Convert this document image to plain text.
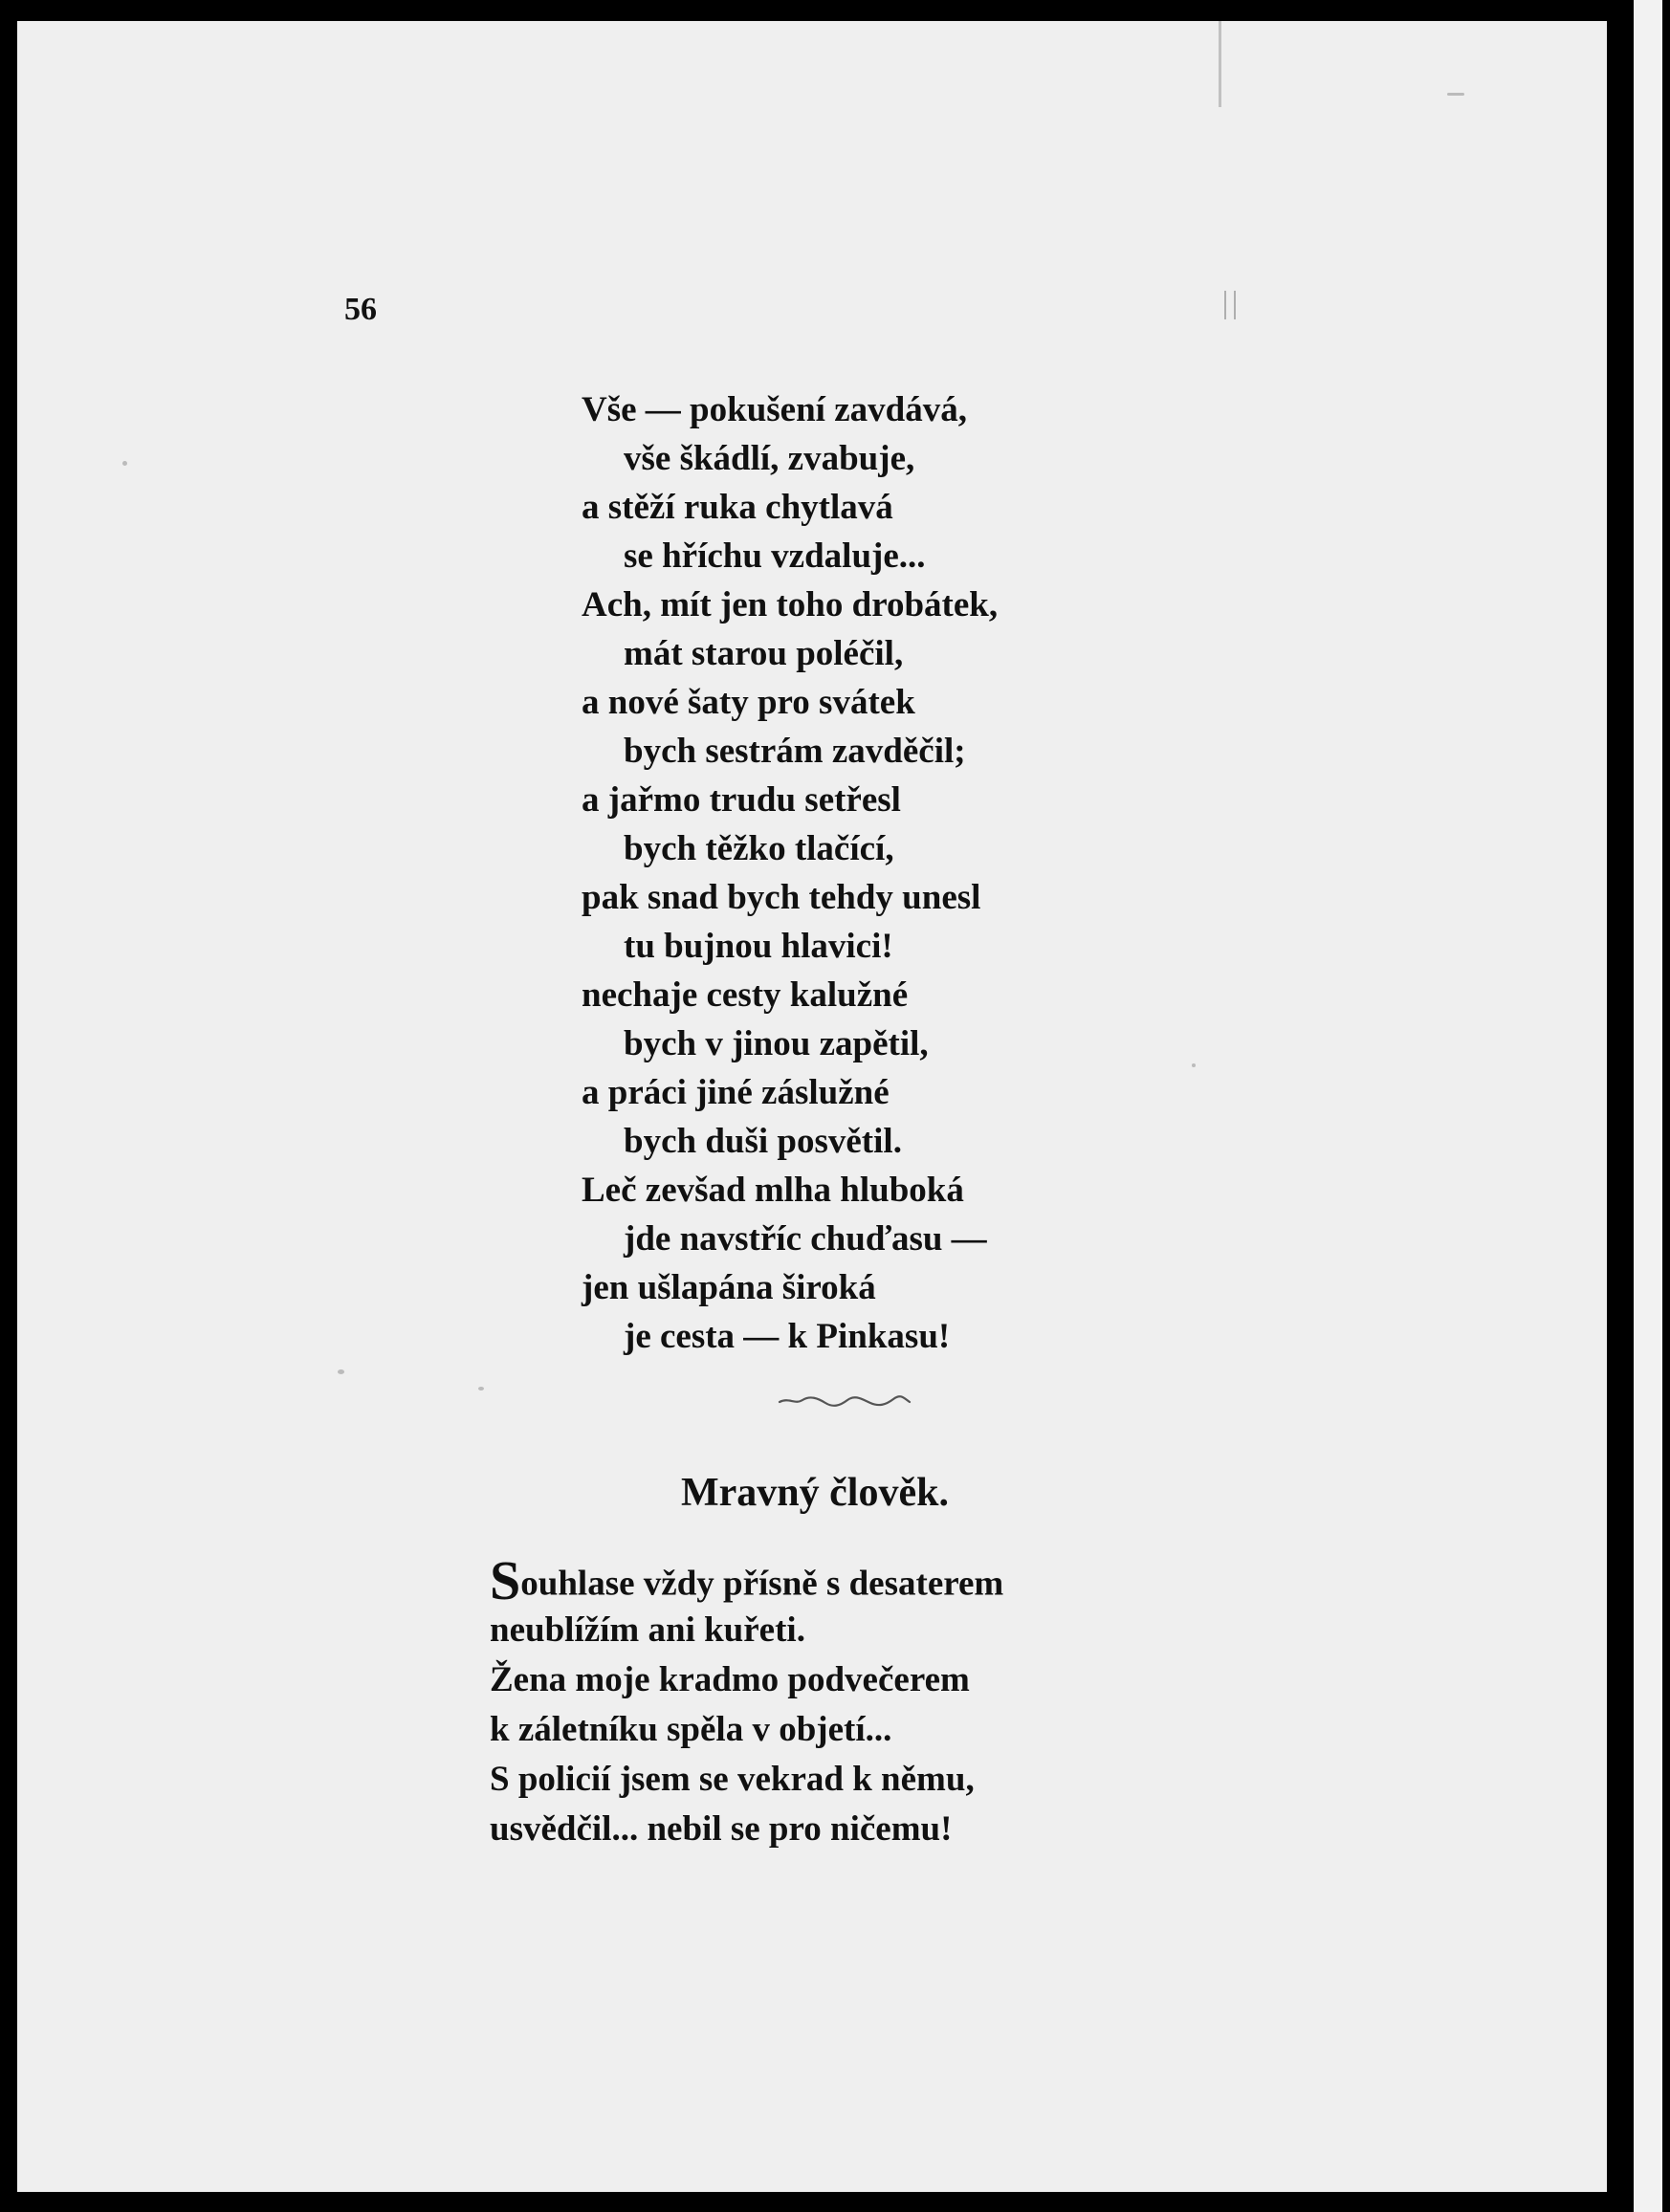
56
Vše — pokušení zavdává,
vše škádlí, zvabuje,
a stěží ruka chytlavá
se hříchu vzdaluje...
Ach, mít jen toho drobátek,
mát starou poléčil,
a nové šaty pro svátek
bych sestrám zavděčil;
a jařmo trudu setřesl
bych těžko tlačící,
pak snad bych tehdy unesl
tu bujnou hlavici!
nechaje cesty kalužné
bych v jinou zapětil,
a práci jiné záslužné
bych duši posvětil.
Leč zevšad mlha hluboká
jde navstříc chuďasu —
jen ušlapána široká
je cesta — k Pinkasu!
Mravný člověk.
Souhlase vždy přísně s desaterem
neublížím ani kuřeti.
Žena moje kradmo podvečerem
k záletníku spěla v objetí...
S policií jsem se vekrad k němu,
usvědčil... nebil se pro ničemu!
